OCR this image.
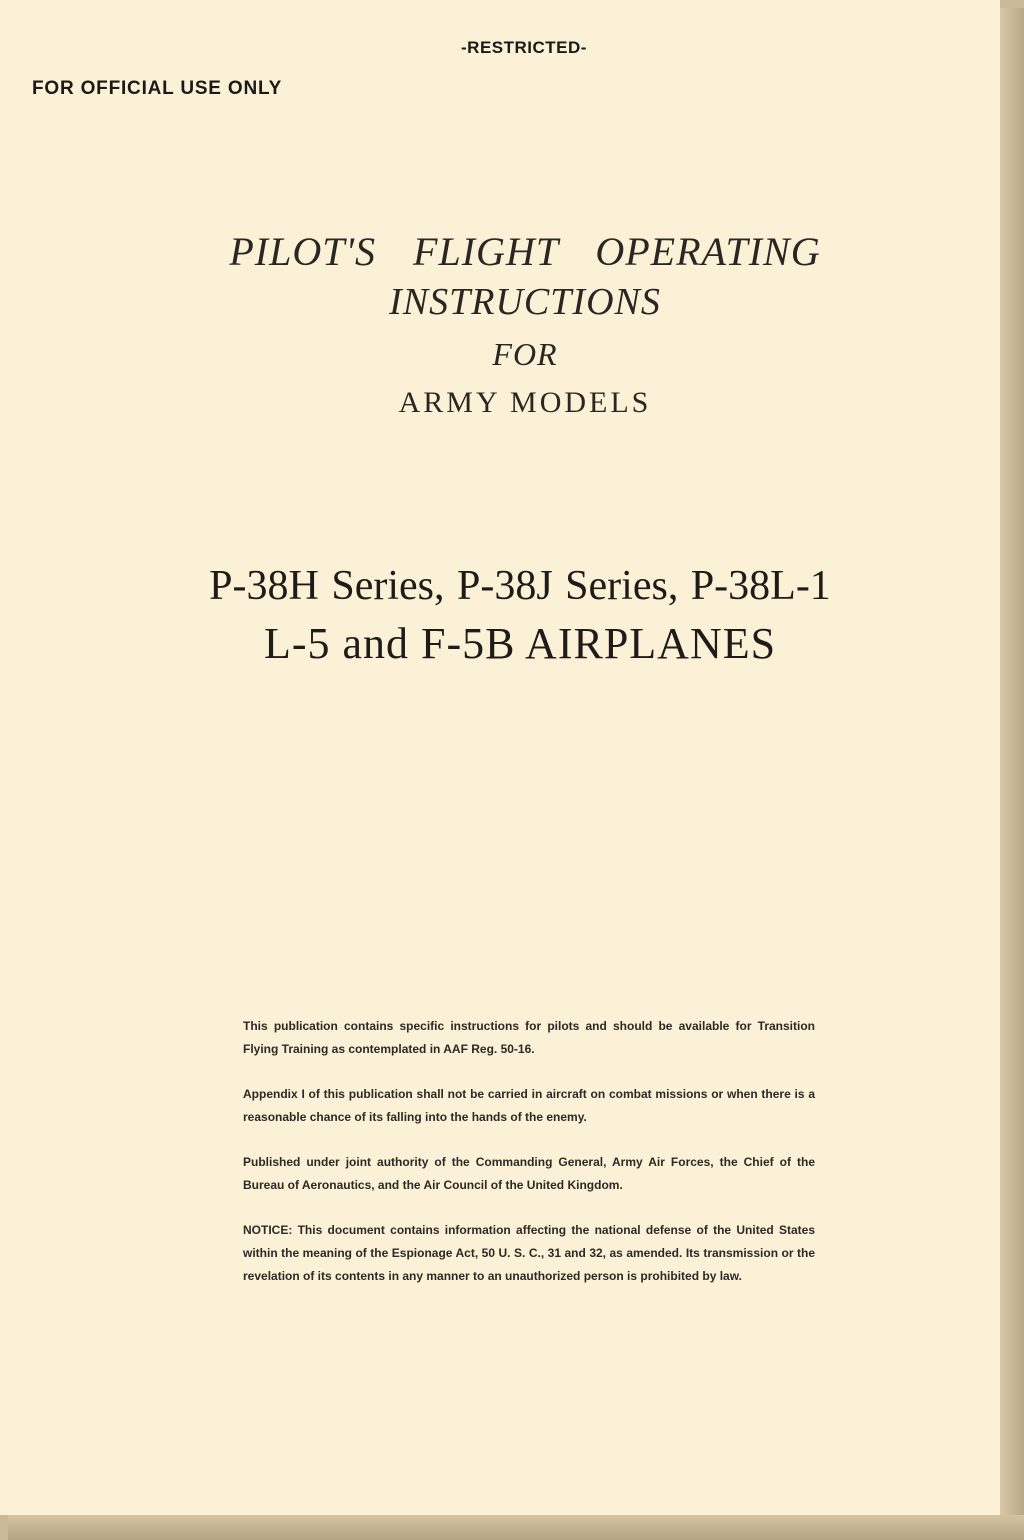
-RESTRICTED-
FOR OFFICIAL USE ONLY
PILOT'S FLIGHT OPERATING
INSTRUCTIONS
FOR
ARMY MODELS
P-38H Series, P-38J Series, P-38L-1
L-5 and F-5B AIRPLANES

This publication contains specific instructions for pilots and should be available for Transition Flying Training as contemplated in AAF Reg. 50-16.

Appendix I of this publication shall not be carried in aircraft on combat missions or when there is a reasonable chance of its falling into the hands of the enemy.

Published under joint authority of the Commanding General, Army Air Forces, the Chief of the Bureau of Aeronautics, and the Air Council of the United Kingdom.

NOTICE: This document contains information affecting the national defense of the United States within the meaning of the Espionage Act, 50 U. S. C., 31 and 32, as amended. Its transmission or the revelation of its contents in any manner to an unauthorized person is prohibited by law.
